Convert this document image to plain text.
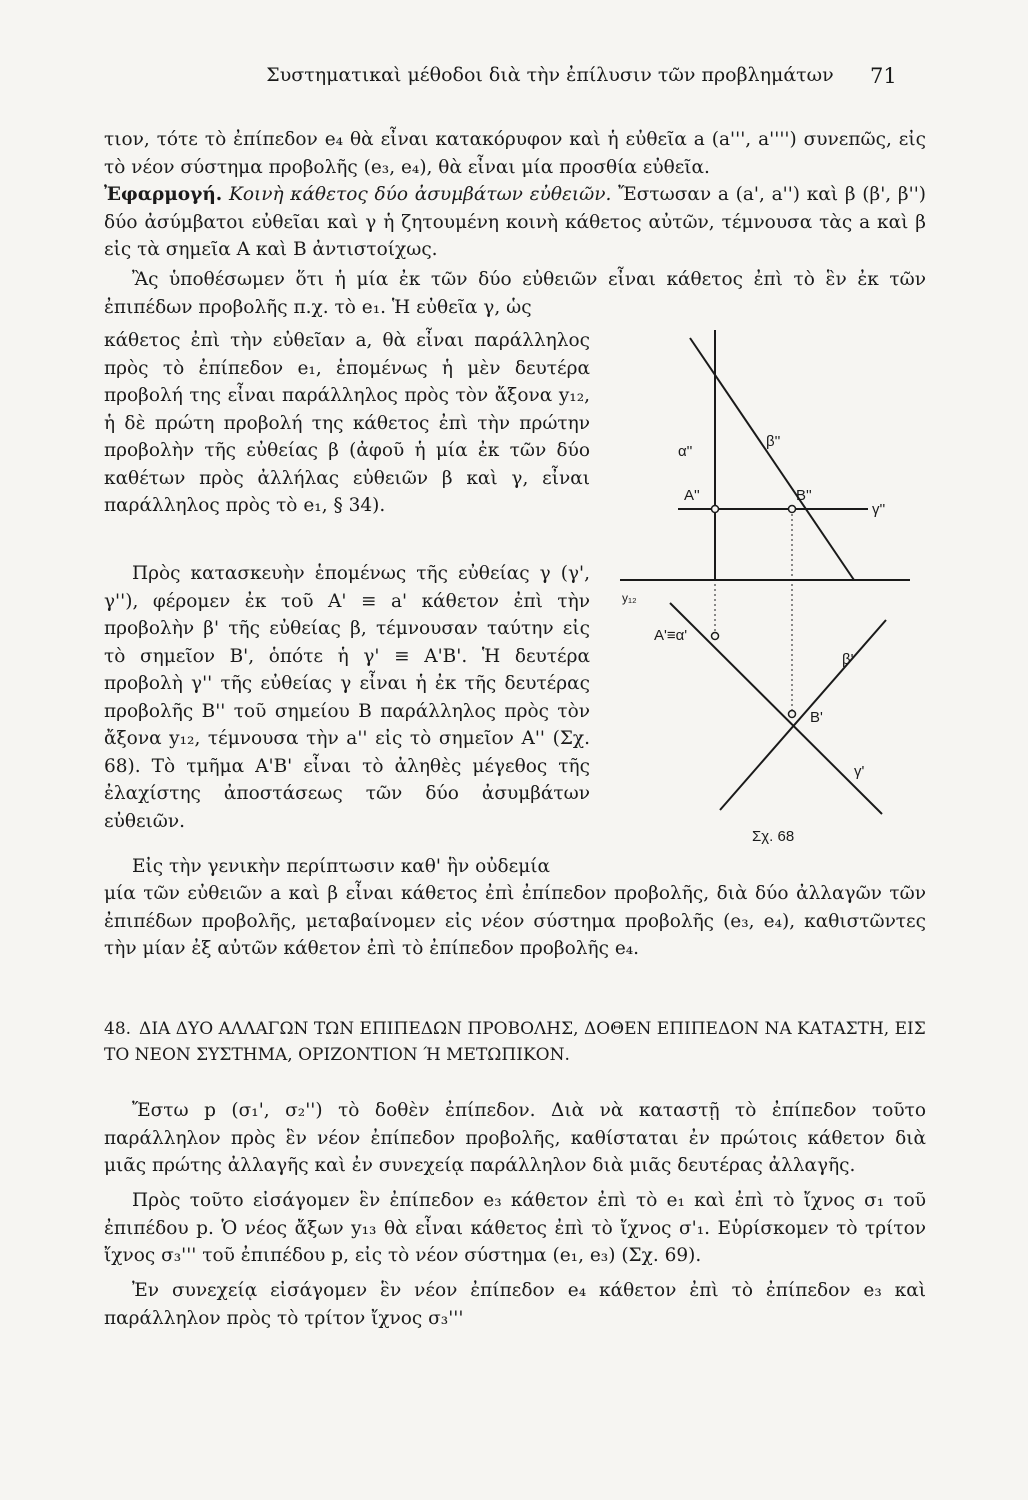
Συστηματικαὶ μέθοδοι διὰ τὴν ἐπίλυσιν τῶν προβλημάτων	71

τιον, τότε τὸ ἐπίπεδον e₄ θὰ εἶναι κατακόρυφον καὶ ἡ εὐθεῖα a (a''', a'''') συνεπῶς, εἰς τὸ νέον σύστημα προβολῆς (e₃, e₄), θὰ εἶναι μία προσθία εὐθεῖα.

Ἐφαρμογή. Κοινὴ κάθετος δύο ἀσυμβάτων εὐθειῶν. Ἔστωσαν a (a', a'') καὶ β (β', β'') δύο ἀσύμβατοι εὐθεῖαι καὶ γ ἡ ζητουμένη κοινὴ κάθετος αὐτῶν, τέμνουσα τὰς a καὶ β εἰς τὰ σημεῖα A καὶ B ἀντιστοίχως.

Ἂς ὑποθέσωμεν ὅτι ἡ μία ἐκ τῶν δύο εὐθειῶν εἶναι κάθετος ἐπὶ τὸ ἓν ἐκ τῶν ἐπιπέδων προβολῆς π.χ. τὸ e₁. Ἡ εὐθεῖα γ, ὡς

κάθετος ἐπὶ τὴν εὐθεῖαν a, θὰ εἶναι παράλληλος πρὸς τὸ ἐπίπεδον e₁, ἑπομένως ἡ μὲν δευτέρα προβολή της εἶναι παράλληλος πρὸς τὸν ἄξονα y₁₂, ἡ δὲ πρώτη προβολή της κάθετος ἐπὶ τὴν πρώτην προβολὴν τῆς εὐθείας β (ἀφοῦ ἡ μία ἐκ τῶν δύο καθέτων πρὸς ἀλλήλας εὐθειῶν β καὶ γ, εἶναι παράλληλος πρὸς τὸ e₁, § 34).

Πρὸς κατασκευὴν ἑπομένως τῆς εὐθείας γ (γ', γ''), φέρομεν ἐκ τοῦ A' ≡ a' κάθετον ἐπὶ τὴν προβολὴν β' τῆς εὐθείας β, τέμνουσαν ταύτην εἰς τὸ σημεῖον B', ὁπότε ἡ γ' ≡ A'B'. Ἡ δευτέρα προβολὴ γ'' τῆς εὐθείας γ εἶναι ἡ ἐκ τῆς δευτέρας προβολῆς B'' τοῦ σημείου B παράλληλος πρὸς τὸν ἄξονα y₁₂, τέμνουσα τὴν a'' εἰς τὸ σημεῖον A'' (Σχ. 68). Τὸ τμῆμα A'B' εἶναι τὸ ἀληθὲς μέγεθος τῆς ἐλαχίστης ἀποστάσεως τῶν δύο ἀσυμβάτων εὐθειῶν.

Εἰς τὴν γενικὴν περίπτωσιν καθ' ἣν οὐδεμία

μία τῶν εὐθειῶν a καὶ β εἶναι κάθετος ἐπὶ ἐπίπεδον προβολῆς, διὰ δύο ἀλλαγῶν τῶν ἐπιπέδων προβολῆς, μεταβαίνομεν εἰς νέον σύστημα προβολῆς (e₃, e₄), καθιστῶντες τὴν μίαν ἐξ αὐτῶν κάθετον ἐπὶ τὸ ἐπίπεδον προβολῆς e₄.

α''
β''
A''	B''
γ''
y₁₂
A'≡α'
β'
B'
γ'
Σχ. 68

48. ΔΙΑ ΔΥΟ ΑΛΛΑΓΩΝ ΤΩΝ ΕΠΙΠΕΔΩΝ ΠΡΟΒΟΛΗΣ, ΔΟΘΕΝ ΕΠΙΠΕΔΟΝ ΝΑ ΚΑΤΑΣΤΗ, ΕΙΣ ΤΟ ΝΕΟΝ ΣΥΣΤΗΜΑ, ΟΡΙΖΟΝΤΙΟΝ Ή ΜΕΤΩΠΙΚΟΝ.

Ἔστω p (σ₁', σ₂'') τὸ δοθὲν ἐπίπεδον. Διὰ νὰ καταστῇ τὸ ἐπίπεδον τοῦτο παράλληλον πρὸς ἓν νέον ἐπίπεδον προβολῆς, καθίσταται ἐν πρώτοις κάθετον διὰ μιᾶς πρώτης ἀλλαγῆς καὶ ἐν συνεχείᾳ παράλληλον διὰ μιᾶς δευτέρας ἀλλαγῆς.

Πρὸς τοῦτο εἰσάγομεν ἓν ἐπίπεδον e₃ κάθετον ἐπὶ τὸ e₁ καὶ ἐπὶ τὸ ἴχνος σ₁ τοῦ ἐπιπέδου p. Ὁ νέος ἄξων y₁₃ θὰ εἶναι κάθετος ἐπὶ τὸ ἴχνος σ'₁. Εὑρίσκομεν τὸ τρίτον ἴχνος σ₃''' τοῦ ἐπιπέδου p, εἰς τὸ νέον σύστημα (e₁, e₃) (Σχ. 69).

Ἐν συνεχείᾳ εἰσάγομεν ἓν νέον ἐπίπεδον e₄ κάθετον ἐπὶ τὸ ἐπίπεδον e₃ καὶ παράλληλον πρὸς τὸ τρίτον ἴχνος σ₃'''
